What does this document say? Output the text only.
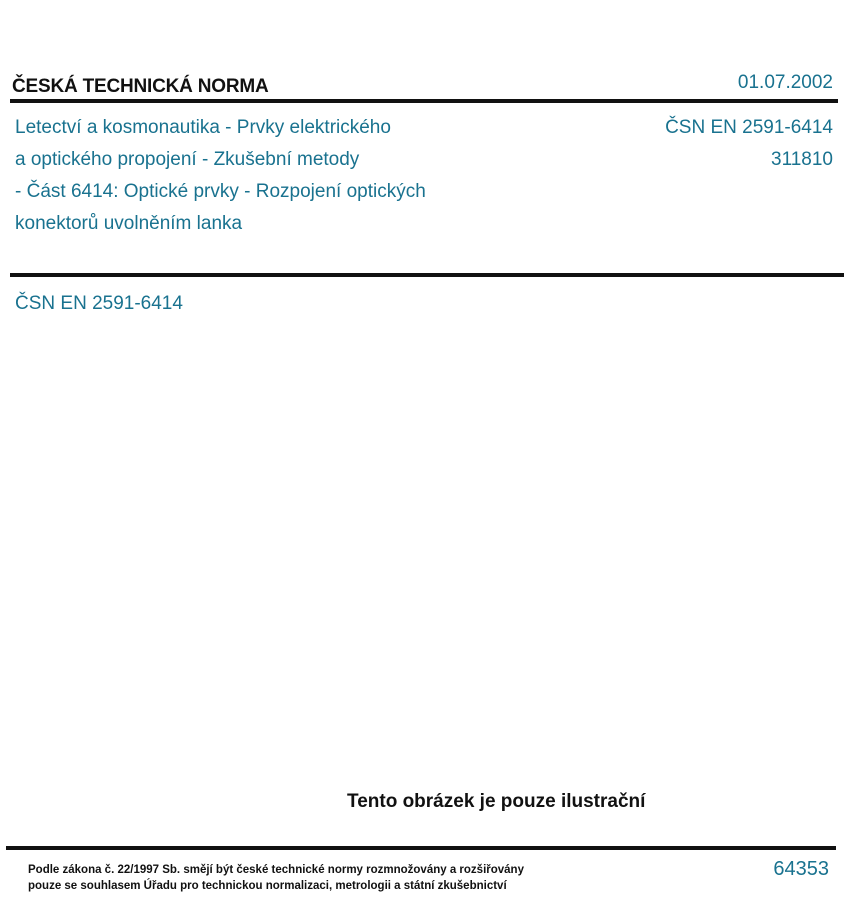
ČESKÁ TECHNICKÁ NORMA	01.07.2002
Letectví a kosmonautika - Prvky elektrického
a optického propojení - Zkušební metody
- Část 6414: Optické prvky - Rozpojení optických
konektorů uvolněním lanka
ČSN EN 2591-6414
311810
ČSN EN 2591-6414
Tento obrázek je pouze ilustrační
Podle zákona č. 22/1997 Sb. smějí být české technické normy rozmnožovány a rozšiřovány
pouze se souhlasem Úřadu pro technickou normalizaci, metrologii a státní zkušebnictví
64353
